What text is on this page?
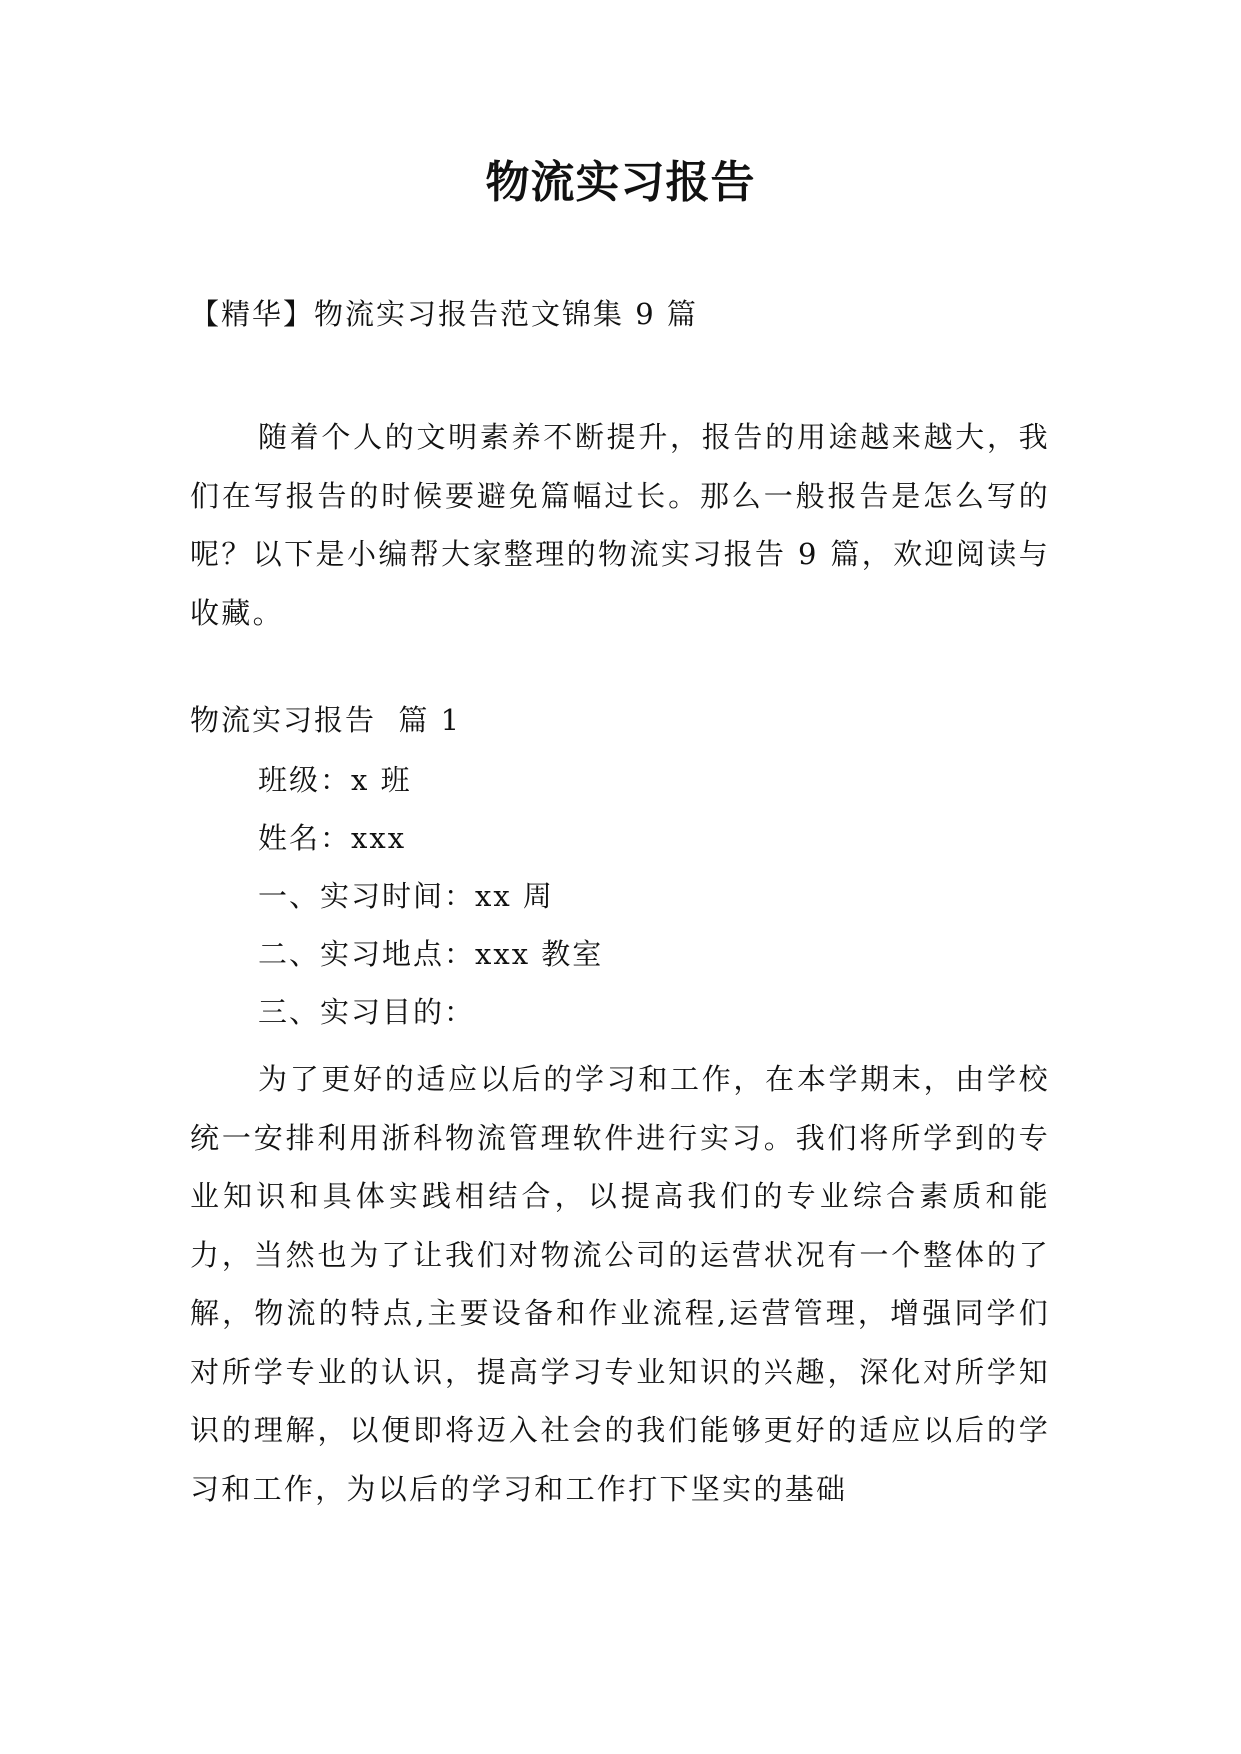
物流实习报告
【精华】物流实习报告范文锦集 9 篇

随着个人的文明素养不断提升，报告的用途越来越大，我们在写报告的时候要避免篇幅过长。那么一般报告是怎么写的呢？以下是小编帮大家整理的物流实习报告 9 篇，欢迎阅读与收藏。

物流实习报告  篇 1
班级：x 班
姓名：xxx
一、实习时间：xx 周
二、实习地点：xxx 教室
三、实习目的：

为了更好的适应以后的学习和工作，在本学期末，由学校统一安排利用浙科物流管理软件进行实习。我们将所学到的专业知识和具体实践相结合，以提高我们的专业综合素质和能力，当然也为了让我们对物流公司的运营状况有一个整体的了解，物流的特点,主要设备和作业流程,运营管理，增强同学们对所学专业的认识，提高学习专业知识的兴趣，深化对所学知识的理解，以便即将迈入社会的我们能够更好的适应以后的学习和工作，为以后的学习和工作打下坚实的基础
